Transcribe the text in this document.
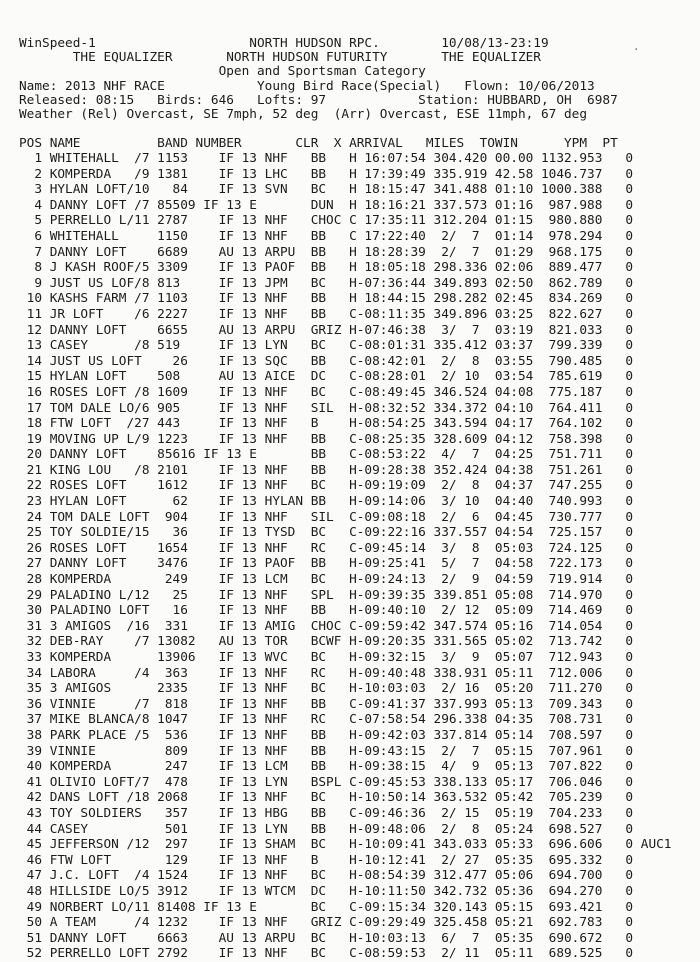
WinSpeed-1                    NORTH HUDSON RPC.        10/08/13-23:19
THE EQUALIZER       NORTH HUDSON FUTURITY       THE EQUALIZER
Open and Sportsman Category
Name: 2013 NHF RACE            Young Bird Race(Special)   Flown: 10/06/2013
Released: 08:15   Birds: 646   Lofts: 97            Station: HUBBARD, OH  6987
Weather (Rel) Overcast, SE 7mph, 52 deg  (Arr) Overcast, ESE 11mph, 67 deg
POS NAME          BAND NUMBER       CLR  X ARRIVAL   MILES  TOWIN      YPM  PT
1 WHITEHALL  /7 1153    IF 13 NHF   BB   H 16:07:54 304.420 00.00 1132.953   0
2 KOMPERDA   /9 1381    IF 13 LHC   BB   H 17:39:49 335.919 42.58 1046.737   0
3 HYLAN LOFT/10   84    IF 13 SVN   BC   H 18:15:47 341.488 01:10 1000.388   0
4 DANNY LOFT /7 85509 IF 13 E       DUN  H 18:16:21 337.573 01:16  987.988   0
5 PERRELLO L/11 2787    IF 13 NHF   CHOC C 17:35:11 312.204 01:15  980.880   0
6 WHITEHALL     1150    IF 13 NHF   BB   C 17:22:40  2/  7  01:14  978.294   0
7 DANNY LOFT    6689    AU 13 ARPU  BB   H 18:28:39  2/  7  01:29  968.175   0
8 J KASH ROOF/5 3309    IF 13 PAOF  BB   H 18:05:18 298.336 02:06  889.477   0
9 JUST US LOF/8 813     IF 13 JPM   BC   H-07:36:44 349.893 02:50  862.789   0
10 KASHS FARM /7 1103    IF 13 NHF   BB   H 18:44:15 298.282 02:45  834.269   0
11 JR LOFT    /6 2227    IF 13 NHF   BB   C-08:11:35 349.896 03:25  822.627   0
12 DANNY LOFT    6655    AU 13 ARPU  GRIZ H-07:46:38  3/  7  03:19  821.033   0
13 CASEY      /8 519     IF 13 LYN   BC   C-08:01:31 335.412 03:37  799.339   0
14 JUST US LOFT    26    IF 13 SQC   BB   C-08:42:01  2/  8  03:55  790.485   0
15 HYLAN LOFT    508     AU 13 AICE  DC   C-08:28:01  2/ 10  03:54  785.619   0
16 ROSES LOFT /8 1609    IF 13 NHF   BC   C-08:49:45 346.524 04:08  775.187   0
17 TOM DALE LO/6 905     IF 13 NHF   SIL  H-08:32:52 334.372 04:10  764.411   0
18 FTW LOFT  /27 443     IF 13 NHF   B    H-08:54:25 343.594 04:17  764.102   0
19 MOVING UP L/9 1223    IF 13 NHF   BB   C-08:25:35 328.609 04:12  758.398   0
20 DANNY LOFT    85616 IF 13 E       BB   C-08:53:22  4/  7  04:25  751.711   0
21 KING LOU   /8 2101    IF 13 NHF   BB   H-09:28:38 352.424 04:38  751.261   0
22 ROSES LOFT    1612    IF 13 NHF   BC   H-09:19:09  2/  8  04:37  747.255   0
23 HYLAN LOFT      62    IF 13 HYLAN BB   H-09:14:06  3/ 10  04:40  740.993   0
24 TOM DALE LOFT  904    IF 13 NHF   SIL  C-09:08:18  2/  6  04:45  730.777   0
25 TOY SOLDIE/15   36    IF 13 TYSD  BC   C-09:22:16 337.557 04:54  725.157   0
26 ROSES LOFT    1654    IF 13 NHF   RC   C-09:45:14  3/  8  05:03  724.125   0
27 DANNY LOFT    3476    IF 13 PAOF  BB   H-09:25:41  5/  7  04:58  722.173   0
28 KOMPERDA       249    IF 13 LCM   BC   H-09:24:13  2/  9  04:59  719.914   0
29 PALADINO L/12   25    IF 13 NHF   SPL  H-09:39:35 339.851 05:08  714.970   0
30 PALADINO LOFT   16    IF 13 NHF   BB   H-09:40:10  2/ 12  05:09  714.469   0
31 3 AMIGOS  /16  331    IF 13 AMIG  CHOC C-09:59:42 347.574 05:16  714.054   0
32 DEB-RAY    /7 13082   AU 13 TOR   BCWF H-09:20:35 331.565 05:02  713.742   0
33 KOMPERDA      13906   IF 13 WVC   BC   H-09:32:15  3/  9  05:07  712.943   0
34 LABORA     /4  363    IF 13 NHF   RC   H-09:40:48 338.931 05:11  712.006   0
35 3 AMIGOS      2335    IF 13 NHF   BC   H-10:03:03  2/ 16  05:20  711.270   0
36 VINNIE     /7  818    IF 13 NHF   BB   C-09:41:37 337.993 05:13  709.343   0
37 MIKE BLANCA/8 1047    IF 13 NHF   RC   C-07:58:54 296.338 04:35  708.731   0
38 PARK PLACE /5  536    IF 13 NHF   BB   H-09:42:03 337.814 05:14  708.597   0
39 VINNIE         809    IF 13 NHF   BB   H-09:43:15  2/  7  05:15  707.961   0
40 KOMPERDA       247    IF 13 LCM   BB   H-09:38:15  4/  9  05:13  707.822   0
41 OLIVIO LOFT/7  478    IF 13 LYN   BSPL C-09:45:53 338.133 05:17  706.046   0
42 DANS LOFT /18 2068    IF 13 NHF   BC   H-10:50:14 363.532 05:42  705.239   0
43 TOY SOLDIERS   357    IF 13 HBG   BB   C-09:46:36  2/ 15  05:19  704.233   0
44 CASEY          501    IF 13 LYN   BB   H-09:48:06  2/  8  05:24  698.527   0
45 JEFFERSON /12  297    IF 13 SHAM  BC   H-10:09:41 343.033 05:33  696.606   0 AUC1
46 FTW LOFT       129    IF 13 NHF   B    H-10:12:41  2/ 27  05:35  695.332   0
47 J.C. LOFT  /4 1524    IF 13 NHF   BC   H-08:54:39 312.477 05:06  694.700   0
48 HILLSIDE LO/5 3912    IF 13 WTCM  DC   H-10:11:50 342.732 05:36  694.270   0
49 NORBERT LO/11 81408 IF 13 E       BC   C-09:15:34 320.143 05:15  693.421   0
50 A TEAM     /4 1232    IF 13 NHF   GRIZ C-09:29:49 325.458 05:21  692.783   0
51 DANNY LOFT    6663    AU 13 ARPU  BC   H-10:03:13  6/  7  05:35  690.672   0
52 PERRELLO LOFT 2792    IF 13 NHF   BC   C-08:59:53  2/ 11  05:11  689.525   0
.
